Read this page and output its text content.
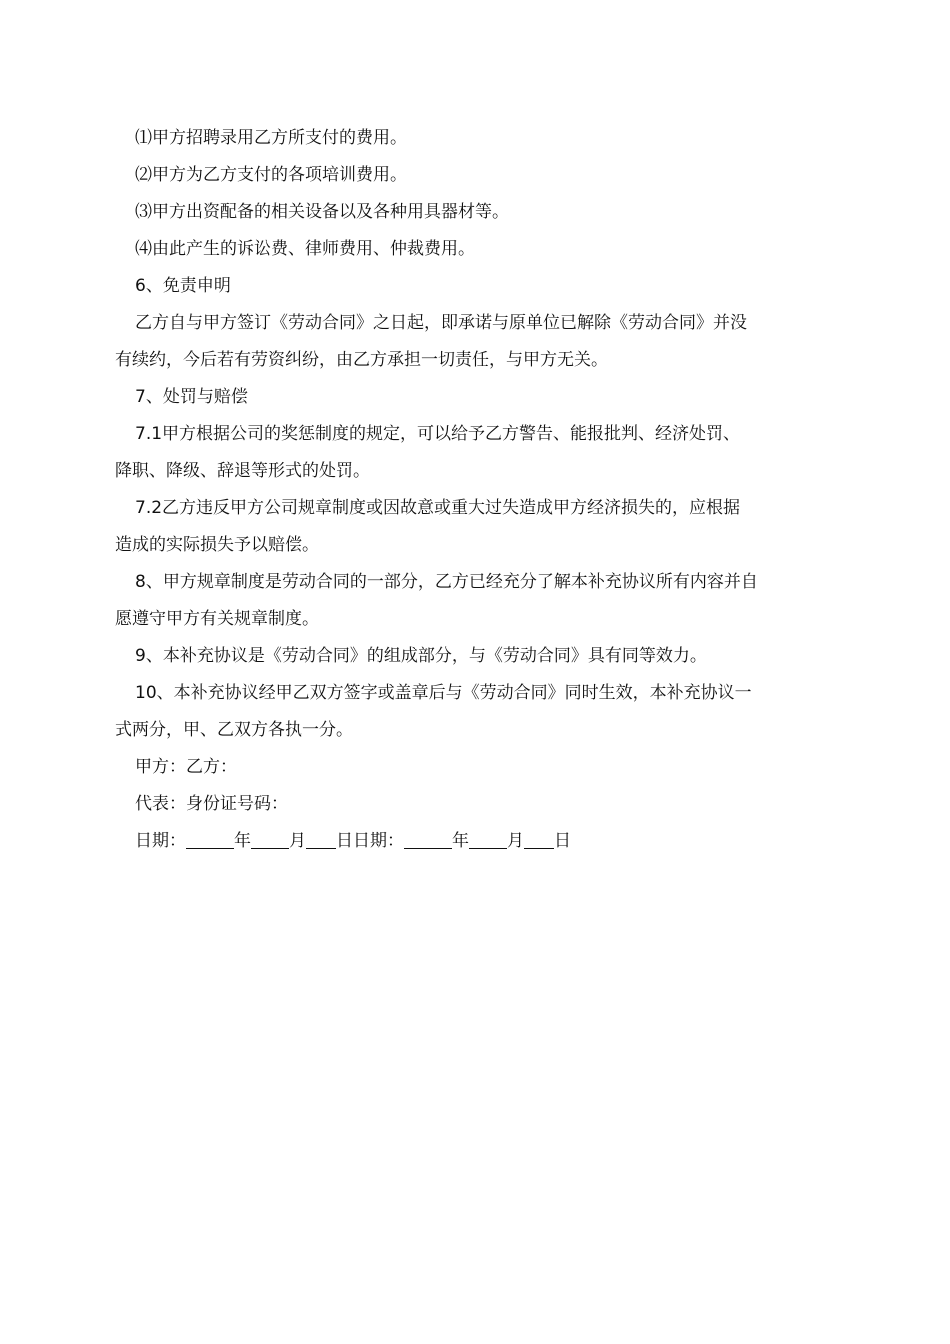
⑴甲方招聘录用乙方所支付的费用。

⑵甲方为乙方支付的各项培训费用。

⑶甲方出资配备的相关设备以及各种用具器材等。

⑷由此产生的诉讼费、律师费用、仲裁费用。

6、免责申明

乙方自与甲方签订《劳动合同》之日起，即承诺与原单位已解除《劳动合同》并没

有续约，今后若有劳资纠纷，由乙方承担一切责任，与甲方无关。

7、处罚与赔偿

7.1甲方根据公司的奖惩制度的规定，可以给予乙方警告、能报批判、经济处罚、

降职、降级、辞退等形式的处罚。

7.2乙方违反甲方公司规章制度或因故意或重大过失造成甲方经济损失的，应根据

造成的实际损失予以赔偿。

8、甲方规章制度是劳动合同的一部分，乙方已经充分了解本补充协议所有内容并自

愿遵守甲方有关规章制度。

9、本补充协议是《劳动合同》的组成部分，与《劳动合同》具有同等效力。

10、本补充协议经甲乙双方签字或盖章后与《劳动合同》同时生效，本补充协议一

式两分，甲、乙双方各执一分。

甲方：乙方：

代表：身份证号码：

日期：	年 月 日日期：	年 月 日
